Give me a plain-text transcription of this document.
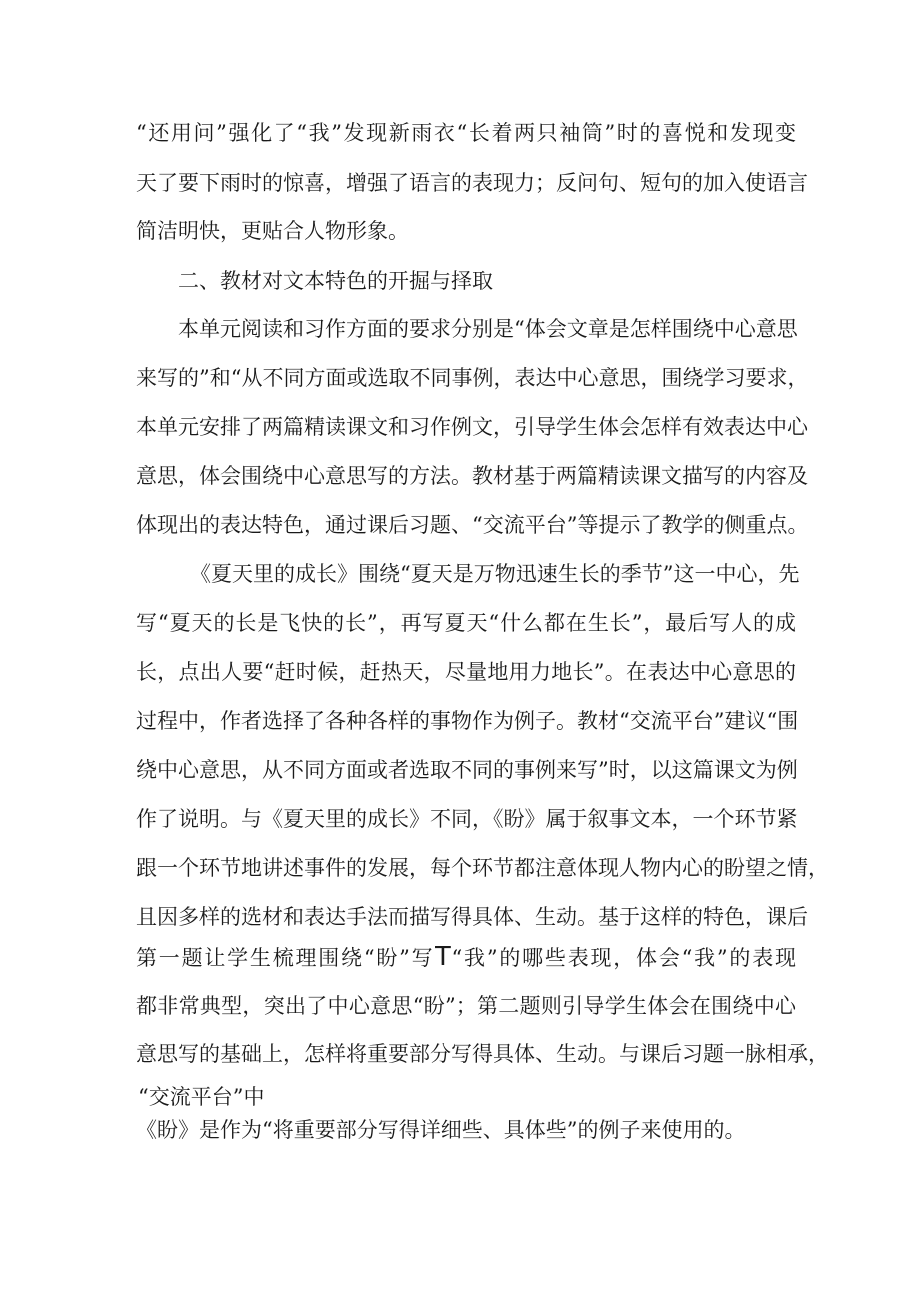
“还用问”强化了“我”发现新雨衣“长着两只袖筒”时的喜悦和发现变
天了要下雨时的惊喜，增强了语言的表现力；反问句、短句的加入使语言
简洁明快，更贴合人物形象。
二、教材对文本特色的开掘与择取
本单元阅读和习作方面的要求分别是“体会文章是怎样围绕中心意思
来写的”和“从不同方面或选取不同事例，表达中心意思，围绕学习要求，
本单元安排了两篇精读课文和习作例文，引导学生体会怎样有效表达中心
意思，体会围绕中心意思写的方法。教材基于两篇精读课文描写的内容及
体现出的表达特色，通过课后习题、“交流平台”等提示了教学的侧重点。
《夏天里的成长》围绕“夏天是万物迅速生长的季节”这一中心，先
写“夏天的长是飞快的长”，再写夏天“什么都在生长”，最后写人的成
长，点出人要“赶时候，赶热天，尽量地用力地长”。在表达中心意思的
过程中，作者选择了各种各样的事物作为例子。教材“交流平台”建议“围
绕中心意思，从不同方面或者选取不同的事例来写”时，以这篇课文为例
作了说明。与《夏天里的成长》不同，《盼》属于叙事文本，一个环节紧
跟一个环节地讲述事件的发展，每个环节都注意体现人物内心的盼望之情，
且因多样的选材和表达手法而描写得具体、生动。基于这样的特色，课后
第一题让学生梳理围绕“盼”写T“我”的哪些表现，体会“我”的表现
都非常典型，突出了中心意思“盼”；第二题则引导学生体会在围绕中心
意思写的基础上，怎样将重要部分写得具体、生动。与课后习题一脉相承，
“交流平台”中
《盼》是作为“将重要部分写得详细些、具体些”的例子来使用的。
